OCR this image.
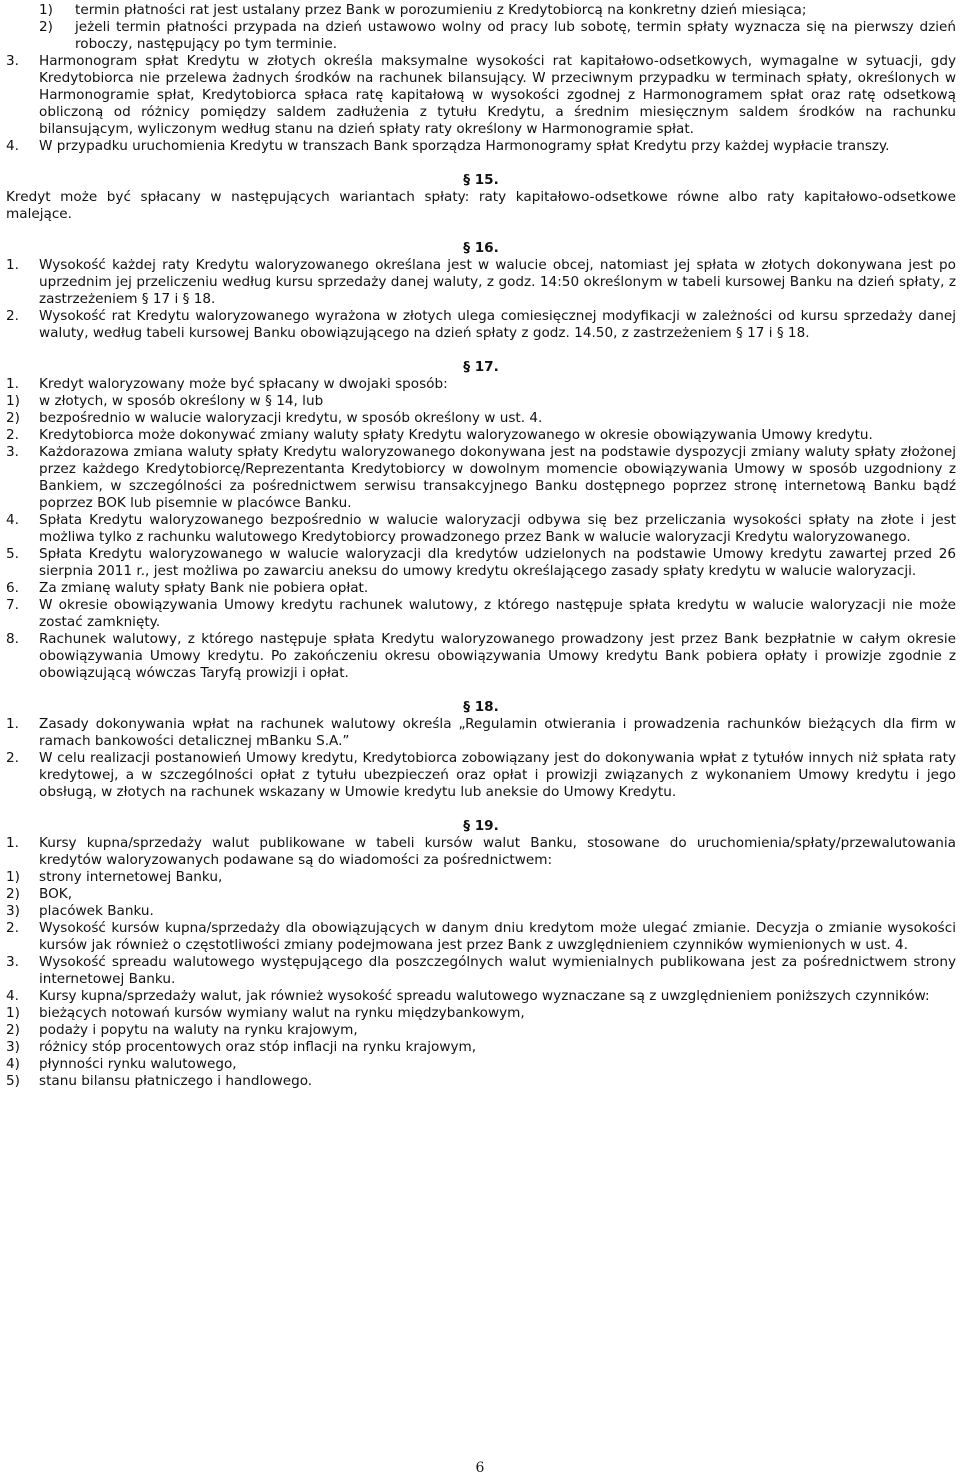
1) termin płatności rat jest ustalany przez Bank w porozumieniu z Kredytobiorcą na konkretny dzień miesiąca;
2) jeżeli termin płatności przypada na dzień ustawowo wolny od pracy lub sobotę, termin spłaty wyznacza się na pierwszy dzień roboczy, następujący po tym terminie.
3. Harmonogram spłat Kredytu w złotych określa maksymalne wysokości rat kapitałowo-odsetkowych, wymagalne w sytuacji, gdy Kredytobiorca nie przelewa żadnych środków na rachunek bilansujący. W przeciwnym przypadku w terminach spłaty, określonych w Harmonogramie spłat, Kredytobiorca spłaca ratę kapitałową w wysokości zgodnej z Harmonogramem spłat oraz ratę odsetkową obliczoną od różnicy pomiędzy saldem zadłużenia z tytułu Kredytu, a średnim miesięcznym saldem środków na rachunku bilansującym, wyliczonym według stanu na dzień spłaty raty określony w Harmonogramie spłat.
4. W przypadku uruchomienia Kredytu w transzach Bank sporządza Harmonogramy spłat Kredytu przy każdej wypłacie transzy.
§ 15.
Kredyt może być spłacany w następujących wariantach spłaty: raty kapitałowo-odsetkowe równe albo raty kapitałowo-odsetkowe malejące.
§ 16.
1. Wysokość każdej raty Kredytu waloryzowanego określana jest w walucie obcej, natomiast jej spłata w złotych dokonywana jest po uprzednim jej przeliczeniu według kursu sprzedaży danej waluty, z godz. 14:50 określonym w tabeli kursowej Banku na dzień spłaty, z zastrzeżeniem § 17 i § 18.
2. Wysokość rat Kredytu waloryzowanego wyrażona w złotych ulega comiesięcznej modyfikacji w zależności od kursu sprzedaży danej waluty, według tabeli kursowej Banku obowiązującego na dzień spłaty z godz. 14.50, z zastrzeżeniem § 17 i § 18.
§ 17.
1. Kredyt waloryzowany może być spłacany w dwojaki sposób:
1) w złotych, w sposób określony w § 14, lub
2) bezpośrednio w walucie waloryzacji kredytu, w sposób określony w ust. 4.
2. Kredytobiorca może dokonywać zmiany waluty spłaty Kredytu waloryzowanego w okresie obowiązywania Umowy kredytu.
3. Każdorazowa zmiana waluty spłaty Kredytu waloryzowanego dokonywana jest na podstawie dyspozycji zmiany waluty spłaty złożonej przez każdego Kredytobiorcę/Reprezentanta Kredytobiorcy w dowolnym momencie obowiązywania Umowy w sposób uzgodniony z Bankiem, w szczególności za pośrednictwem serwisu transakcyjnego Banku dostępnego poprzez stronę internetową Banku bądź poprzez BOK lub pisemnie w placówce Banku.
4. Spłata Kredytu waloryzowanego bezpośrednio w walucie waloryzacji odbywa się bez przeliczania wysokości spłaty na złote i jest możliwa tylko z rachunku walutowego Kredytobiorcy prowadzonego przez Bank w walucie waloryzacji Kredytu waloryzowanego.
5. Spłata Kredytu waloryzowanego w walucie waloryzacji dla kredytów udzielonych na podstawie Umowy kredytu zawartej przed 26 sierpnia 2011 r., jest możliwa po zawarciu aneksu do umowy kredytu określającego zasady spłaty kredytu w walucie waloryzacji.
6. Za zmianę waluty spłaty Bank nie pobiera opłat.
7. W okresie obowiązywania Umowy kredytu rachunek walutowy, z którego następuje spłata kredytu w walucie waloryzacji nie może zostać zamknięty.
8. Rachunek walutowy, z którego następuje spłata Kredytu waloryzowanego prowadzony jest przez Bank bezpłatnie w całym okresie obowiązywania Umowy kredytu. Po zakończeniu okresu obowiązywania Umowy kredytu Bank pobiera opłaty i prowizje zgodnie z obowiązującą wówczas Taryfą prowizji i opłat.
§ 18.
1. Zasady dokonywania wpłat na rachunek walutowy określa „Regulamin otwierania i prowadzenia rachunków bieżących dla firm w ramach bankowości detalicznej mBanku S.A.”
2. W celu realizacji postanowień Umowy kredytu, Kredytobiorca zobowiązany jest do dokonywania wpłat z tytułów innych niż spłata raty kredytowej, a w szczególności opłat z tytułu ubezpieczeń oraz opłat i prowizji związanych z wykonaniem Umowy kredytu i jego obsługą, w złotych na rachunek wskazany w Umowie kredytu lub aneksie do Umowy Kredytu.
§ 19.
1. Kursy kupna/sprzedaży walut publikowane w tabeli kursów walut Banku, stosowane do uruchomienia/spłaty/przewalutowania kredytów waloryzowanych podawane są do wiadomości za pośrednictwem:
1) strony internetowej Banku,
2) BOK,
3) placówek Banku.
2. Wysokość kursów kupna/sprzedaży dla obowiązujących w danym dniu kredytom może ulegać zmianie. Decyzja o zmianie wysokości kursów jak również o częstotliwości zmiany podejmowana jest przez Bank z uwzględnieniem czynników wymienionych w ust. 4.
3. Wysokość spreadu walutowego występującego dla poszczególnych walut wymienialnych publikowana jest za pośrednictwem strony internetowej Banku.
4. Kursy kupna/sprzedaży walut, jak również wysokość spreadu walutowego wyznaczane są z uwzględnieniem poniższych czynników:
1) bieżących notowań kursów wymiany walut na rynku międzybankowym,
2) podaży i popytu na waluty na rynku krajowym,
3) różnicy stóp procentowych oraz stóp inflacji na rynku krajowym,
4) płynności rynku walutowego,
5) stanu bilansu płatniczego i handlowego.
6
